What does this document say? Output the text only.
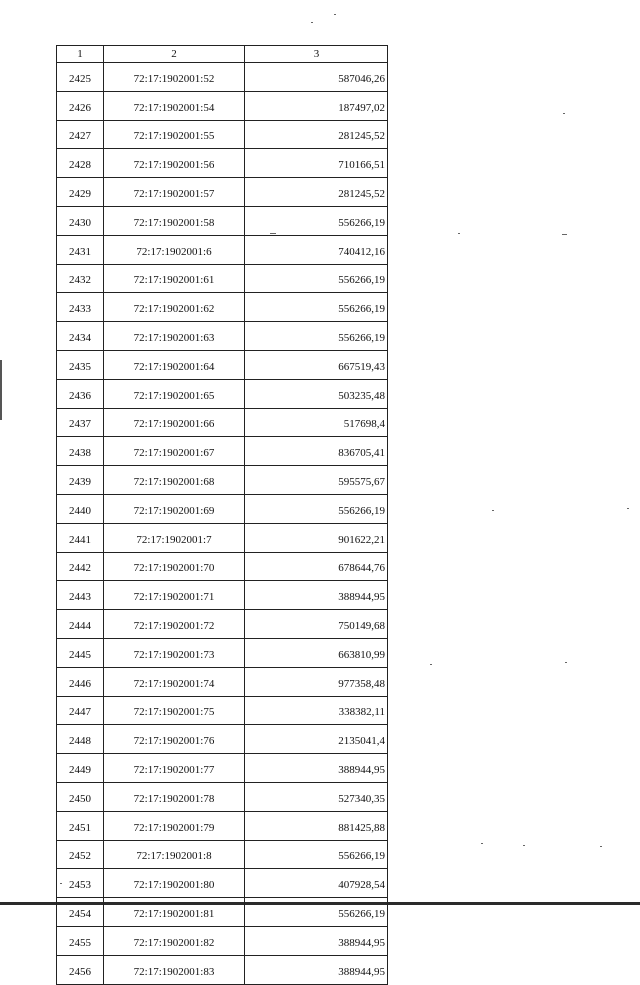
1	2	3
2425	72:17:1902001:52	587046,26
2426	72:17:1902001:54	187497,02
2427	72:17:1902001:55	281245,52
2428	72:17:1902001:56	710166,51
2429	72:17:1902001:57	281245,52
2430	72:17:1902001:58	556266,19
2431	72:17:1902001:6	740412,16
2432	72:17:1902001:61	556266,19
2433	72:17:1902001:62	556266,19
2434	72:17:1902001:63	556266,19
2435	72:17:1902001:64	667519,43
2436	72:17:1902001:65	503235,48
2437	72:17:1902001:66	517698,4
2438	72:17:1902001:67	836705,41
2439	72:17:1902001:68	595575,67
2440	72:17:1902001:69	556266,19
2441	72:17:1902001:7	901622,21
2442	72:17:1902001:70	678644,76
2443	72:17:1902001:71	388944,95
2444	72:17:1902001:72	750149,68
2445	72:17:1902001:73	663810,99
2446	72:17:1902001:74	977358,48
2447	72:17:1902001:75	338382,11
2448	72:17:1902001:76	2135041,4
2449	72:17:1902001:77	388944,95
2450	72:17:1902001:78	527340,35
2451	72:17:1902001:79	881425,88
2452	72:17:1902001:8	556266,19
2453	72:17:1902001:80	407928,54
2454	72:17:1902001:81	556266,19
2455	72:17:1902001:82	388944,95
2456	72:17:1902001:83	388944,95
